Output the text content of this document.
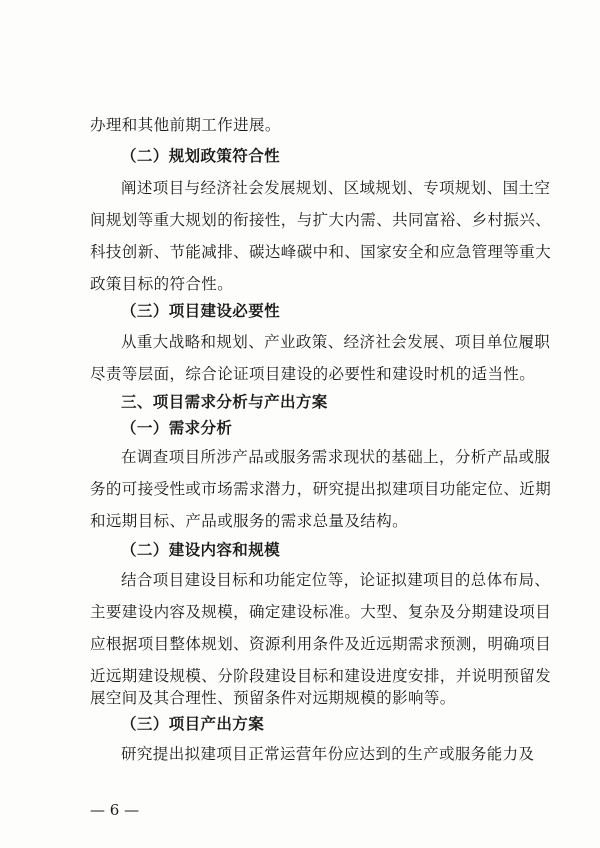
办理和其他前期工作进展。
（二）规划政策符合性
阐述项目与经济社会发展规划、区域规划、专项规划、国土空
间规划等重大规划的衔接性，与扩大内需、共同富裕、乡村振兴、
科技创新、节能减排、碳达峰碳中和、国家安全和应急管理等重大
政策目标的符合性。
（三）项目建设必要性
从重大战略和规划、产业政策、经济社会发展、项目单位履职
尽责等层面，综合论证项目建设的必要性和建设时机的适当性。
三、项目需求分析与产出方案
（一）需求分析
在调查项目所涉产品或服务需求现状的基础上，分析产品或服
务的可接受性或市场需求潜力，研究提出拟建项目功能定位、近期
和远期目标、产品或服务的需求总量及结构。
（二）建设内容和规模
结合项目建设目标和功能定位等，论证拟建项目的总体布局、
主要建设内容及规模，确定建设标准。大型、复杂及分期建设项目
应根据项目整体规划、资源利用条件及近远期需求预测，明确项目
近远期建设规模、分阶段建设目标和建设进度安排，并说明预留发
展空间及其合理性、预留条件对远期规模的影响等。
（三）项目产出方案
研究提出拟建项目正常运营年份应达到的生产或服务能力及
— 6 —
